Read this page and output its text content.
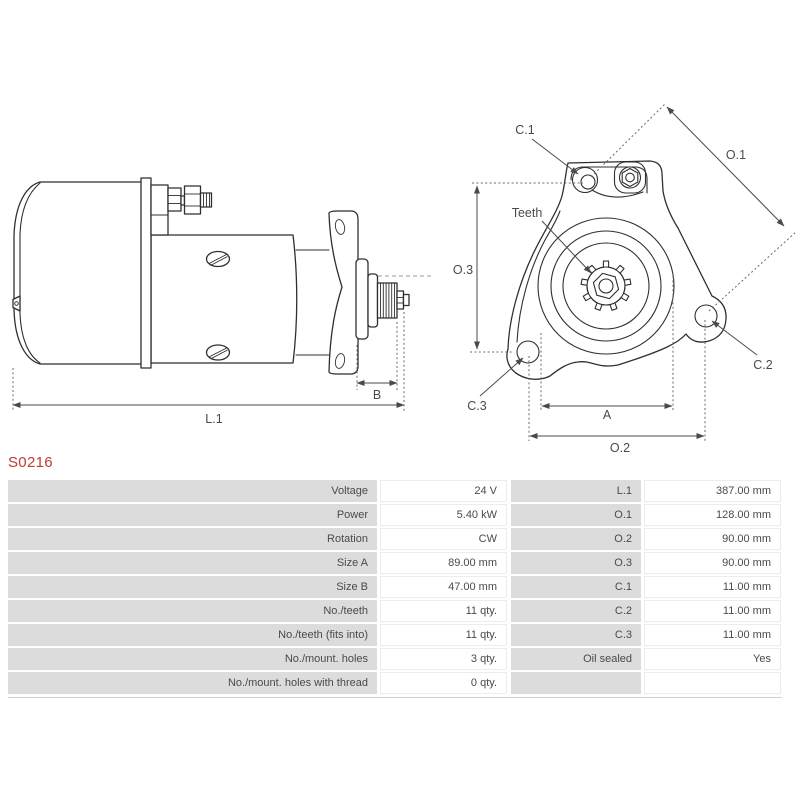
B
L.1
C.1
Teeth
O.1
O.3
C.2
C.3
A
O.2
S0216
Voltage	24 V	L.1	387.00 mm
Power	5.40 kW	O.1	128.00 mm
Rotation	CW	O.2	90.00 mm
Size A	89.00 mm	O.3	90.00 mm
Size B	47.00 mm	C.1	11.00 mm
No./teeth	11 qty.	C.2	11.00 mm
No./teeth (fits into)	11 qty.	C.3	11.00 mm
No./mount. holes	3 qty.	Oil sealed	Yes
No./mount. holes with thread	0 qty.
